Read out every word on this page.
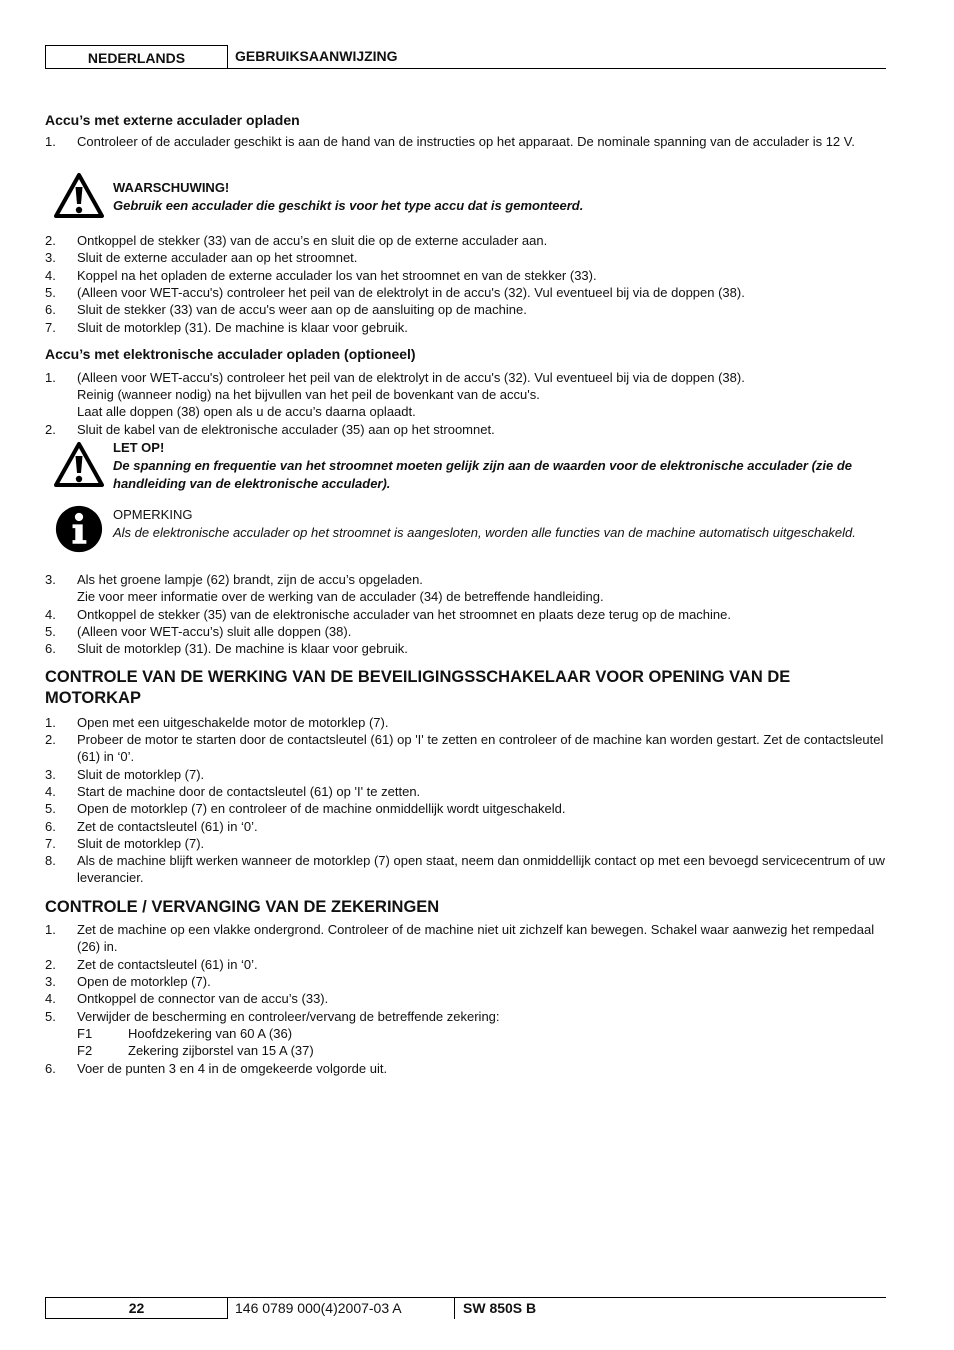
NEDERLANDS	GEBRUIKSAANWIJZING
Accu’s met externe acculader opladen
1. Controleer of de acculader geschikt is aan de hand van de instructies op het apparaat. De nominale spanning van de acculader is 12 V.
WAARSCHUWING!
Gebruik een acculader die geschikt is voor het type accu dat is gemonteerd.
2. Ontkoppel de stekker (33) van de accu’s en sluit die op de externe acculader aan.
3. Sluit de externe acculader aan op het stroomnet.
4. Koppel na het opladen de externe acculader los van het stroomnet en van de stekker (33).
5. (Alleen voor WET-accu's) controleer het peil van de elektrolyt in de accu's (32). Vul eventueel bij via de doppen (38).
6. Sluit de stekker (33) van de accu's weer aan op de aansluiting op de machine.
7. Sluit de motorklep (31). De machine is klaar voor gebruik.
Accu’s met elektronische acculader opladen (optioneel)
1. (Alleen voor WET-accu's) controleer het peil van de elektrolyt in de accu's (32). Vul eventueel bij via de doppen (38).
Reinig (wanneer nodig) na het bijvullen van het peil de bovenkant van de accu's.
Laat alle doppen (38) open als u de accu’s daarna oplaadt.
2. Sluit de kabel van de elektronische acculader (35) aan op het stroomnet.
LET OP!
De spanning en frequentie van het stroomnet moeten gelijk zijn aan de waarden voor de elektronische acculader (zie de handleiding van de elektronische acculader).
OPMERKING
Als de elektronische acculader op het stroomnet is aangesloten, worden alle functies van de machine automatisch uitgeschakeld.
3. Als het groene lampje (62) brandt, zijn de accu’s opgeladen.
Zie voor meer informatie over de werking van de acculader (34) de betreffende handleiding.
4. Ontkoppel de stekker (35) van de elektronische acculader van het stroomnet en plaats deze terug op de machine.
5. (Alleen voor WET-accu’s) sluit alle doppen (38).
6. Sluit de motorklep (31). De machine is klaar voor gebruik.
CONTROLE VAN DE WERKING VAN DE BEVEILIGINGSSCHAKELAAR VOOR OPENING VAN DE MOTORKAP
1. Open met een uitgeschakelde motor de motorklep (7).
2. Probeer de motor te starten door de contactsleutel (61) op 'I' te zetten en controleer of de machine kan worden gestart. Zet de contactsleutel (61) in ‘0’.
3. Sluit de motorklep (7).
4. Start de machine door de contactsleutel (61) op 'I' te zetten.
5. Open de motorklep (7) en controleer of de machine onmiddellijk wordt uitgeschakeld.
6. Zet de contactsleutel (61) in ‘0’.
7. Sluit de motorklep (7).
8. Als de machine blijft werken wanneer de motorklep (7) open staat, neem dan onmiddellijk contact op met een bevoegd servicecentrum of uw leverancier.
CONTROLE / VERVANGING VAN DE ZEKERINGEN
1. Zet de machine op een vlakke ondergrond. Controleer of de machine niet uit zichzelf kan bewegen. Schakel waar aanwezig het rempedaal (26) in.
2. Zet de contactsleutel (61) in ‘0’.
3. Open de motorklep (7).
4. Ontkoppel de connector van de accu’s (33).
5. Verwijder de bescherming en controleer/vervang de betreffende zekering:
F1	Hoofdzekering van 60 A (36)
F2	Zekering zijborstel van 15 A (37)
6. Voer de punten 3 en 4 in de omgekeerde volgorde uit.
22	146 0789 000(4)2007-03 A	SW 850S B
